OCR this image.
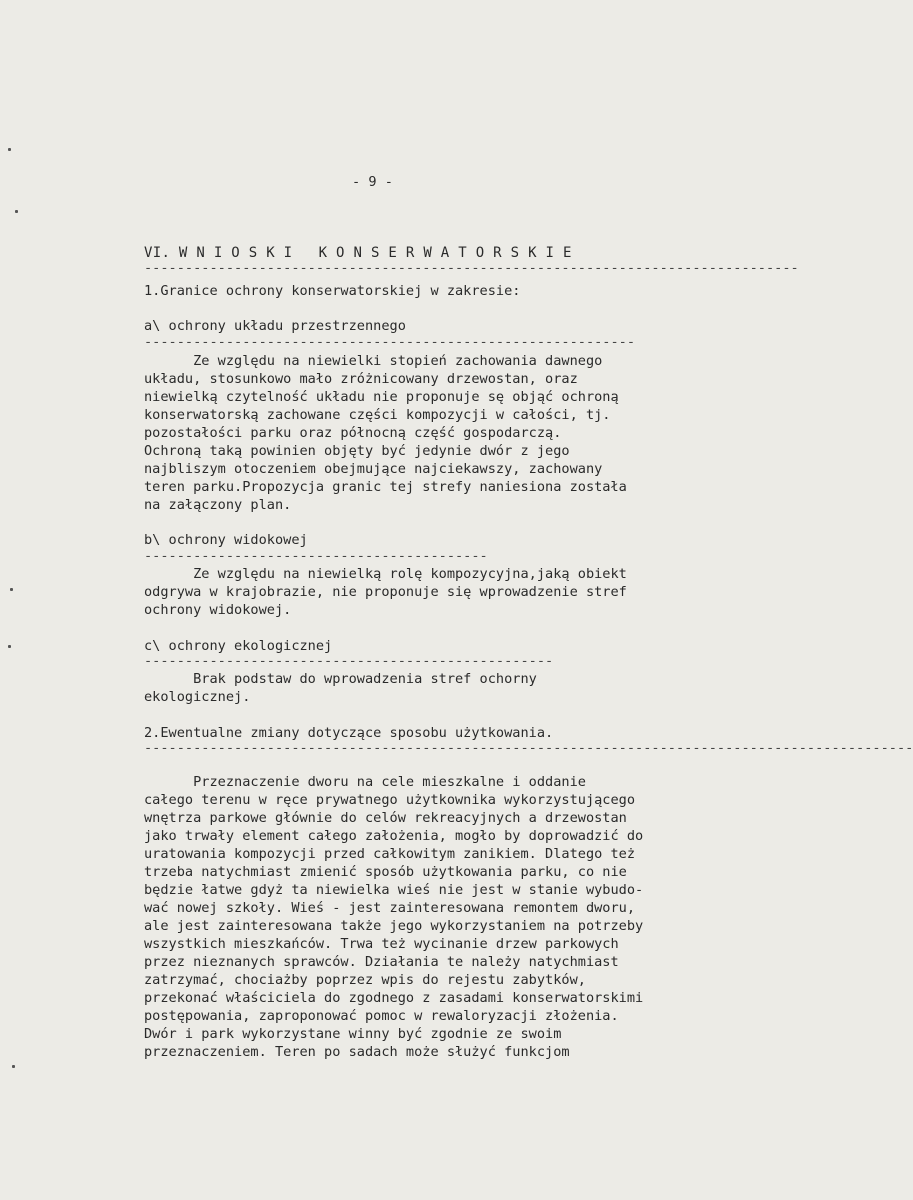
- 9 -
VI. W N I O S K I   K O N S E R W A T O R S K I E
--------------------------------------------------------------------------------
1.Granice ochrony konserwatorskiej w zakresie:
a\ ochrony układu przestrzennego
------------------------------------------------------------
Ze względu na niewielki stopień zachowania dawnego
układu, stosunkowo mało zróżnicowany drzewostan, oraz
niewielką czytelność układu nie proponuje sę objąć ochroną
konserwatorską zachowane części kompozycji w całości, tj.
pozostałości parku oraz północną część gospodarczą.
Ochroną taką powinien objęty być jedynie dwór z jego
najbliszym otoczeniem obejmujące najciekawszy, zachowany
teren parku.Propozycja granic tej strefy naniesiona została
na załączony plan.
b\ ochrony widokowej
------------------------------------------
Ze względu na niewielką rolę kompozycyjna,jaką obiekt
odgrywa w krajobrazie, nie proponuje się wprowadzenie stref
ochrony widokowej.
c\ ochrony ekologicznej
--------------------------------------------------
Brak podstaw do wprowadzenia stref ochorny
ekologicznej.
2.Ewentualne zmiany dotyczące sposobu użytkowania.
----------------------------------------------------------------------------------------------
Przeznaczenie dworu na cele mieszkalne i oddanie
całego terenu w ręce prywatnego użytkownika wykorzystującego
wnętrza parkowe głównie do celów rekreacyjnych a drzewostan
jako trwały element całego założenia, mogło by doprowadzić do
uratowania kompozycji przed całkowitym zanikiem. Dlatego też
trzeba natychmiast zmienić sposób użytkowania parku, co nie
będzie łatwe gdyż ta niewielka wieś nie jest w stanie wybudo-
wać nowej szkoły. Wieś - jest zainteresowana remontem dworu,
ale jest zainteresowana także jego wykorzystaniem na potrzeby
wszystkich mieszkańców. Trwa też wycinanie drzew parkowych
przez nieznanych sprawców. Działania te należy natychmiast
zatrzymać, chociażby poprzez wpis do rejestu zabytków,
przekonać właściciela do zgodnego z zasadami konserwatorskimi
postępowania, zaproponować pomoc w rewaloryzacji złożenia.
Dwór i park wykorzystane winny być zgodnie ze swoim
przeznaczeniem. Teren po sadach może służyć funkcjom
